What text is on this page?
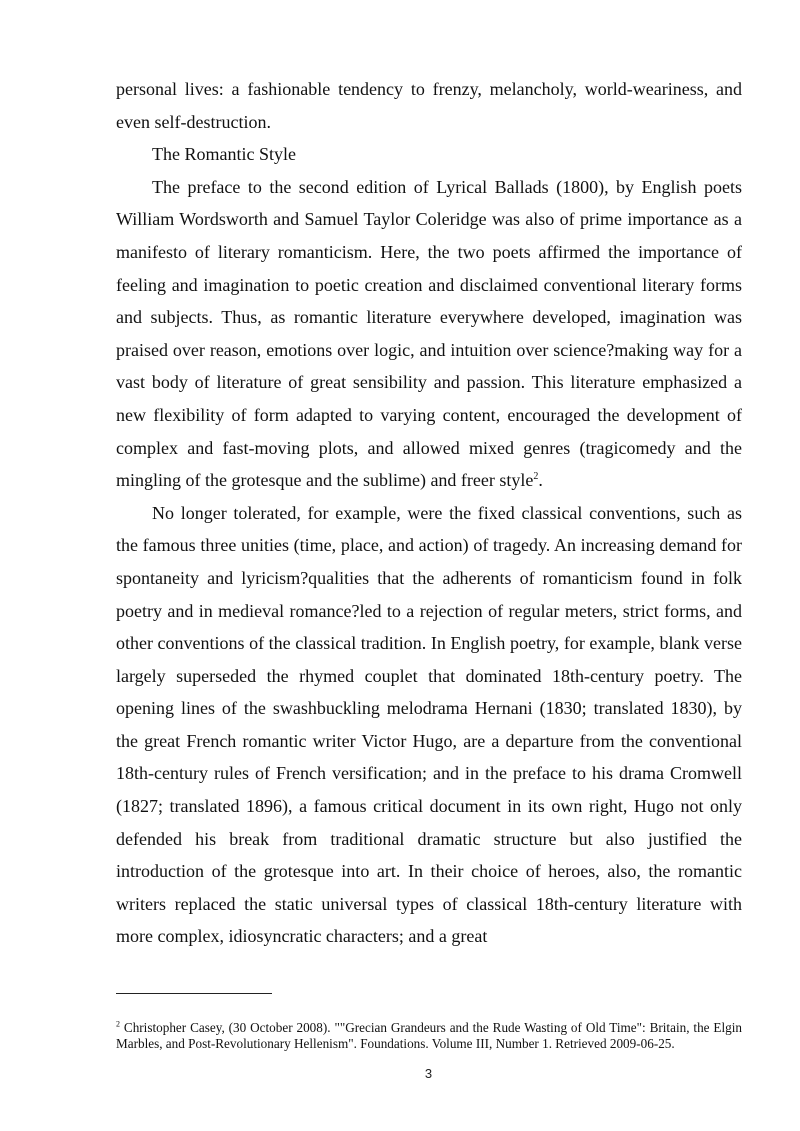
personal lives: a fashionable tendency to frenzy, melancholy, world-weariness, and even self-destruction.

The Romantic Style

The preface to the second edition of Lyrical Ballads (1800), by English poets William Wordsworth and Samuel Taylor Coleridge was also of prime importance as a manifesto of literary romanticism. Here, the two poets affirmed the importance of feeling and imagination to poetic creation and disclaimed conventional literary forms and subjects. Thus, as romantic literature everywhere developed, imagination was praised over reason, emotions over logic, and intuition over science?making way for a vast body of literature of great sensibility and passion. This literature emphasized a new flexibility of form adapted to varying content, encouraged the development of complex and fast-moving plots, and allowed mixed genres (tragicomedy and the mingling of the grotesque and the sublime) and freer style$^2$.

No longer tolerated, for example, were the fixed classical conventions, such as the famous three unities (time, place, and action) of tragedy. An increasing demand for spontaneity and lyricism?qualities that the adherents of romanticism found in folk poetry and in medieval romance?led to a rejection of regular meters, strict forms, and other conventions of the classical tradition. In English poetry, for example, blank verse largely superseded the rhymed couplet that dominated 18th-century poetry. The opening lines of the swashbuckling melodrama Hernani (1830; translated 1830), by the great French romantic writer Victor Hugo, are a departure from the conventional 18th-century rules of French versification; and in the preface to his drama Cromwell (1827; translated 1896), a famous critical document in its own right, Hugo not only defended his break from traditional dramatic structure but also justified the introduction of the grotesque into art. In their choice of heroes, also, the romantic writers replaced the static universal types of classical 18th-century literature with more complex, idiosyncratic characters; and a great

$^2$ Christopher Casey, (30 October 2008). ""Grecian Grandeurs and the Rude Wasting of Old Time": Britain, the Elgin Marbles, and Post-Revolutionary Hellenism". Foundations. Volume III, Number 1. Retrieved 2009-06-25.
3
